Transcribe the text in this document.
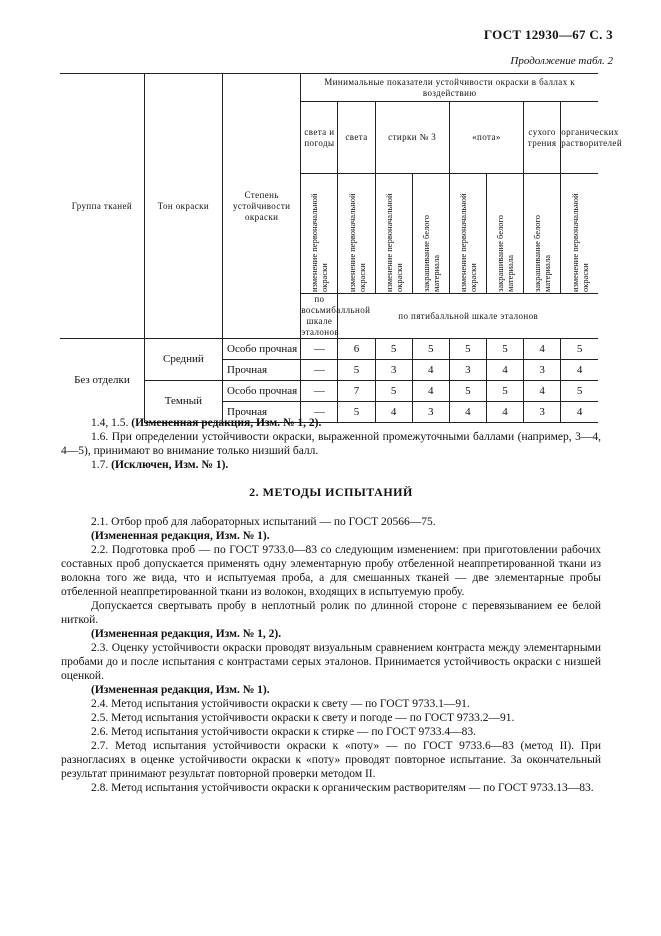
ГОСТ 12930—67 С. 3
Продолжение табл. 2
Группа тканей	Тон окраски	Степень устойчивости окраски	Минимальные показатели устойчивости окраски в баллах к воздействию							
			света и погоды	света	стирки № 3		«пота»		сухого трения	органических растворителей

			изменение первоначальной окраски	изменение первоначальной окраски	изменение первоначальной окраски	закрашивание белого материала	изменение первоначальной окраски	закрашивание белого материала	закрашивание белого материала	изменение первоначальной окраски

			по восьмибалльной шкале эталонов	по пятибалльной шкале эталонов						
Без отделки	Средний	Особо прочная	—	6	5	5	5	5	4	5
		Прочная	—	5	3	4	3	4	3	4
	Темный	Особо прочная	—	7	5	4	5	5	4	5
		Прочная	—	5	4	3	4	4	3	4

1.4, 1.5. (Измененная редакция, Изм. № 1, 2).

1.6. При определении устойчивости окраски, выраженной промежуточными баллами (например, 3—4, 4—5), принимают во внимание только низший балл.

1.7. (Исключен, Изм. № 1).

2. МЕТОДЫ ИСПЫТАНИЙ

2.1. Отбор проб для лабораторных испытаний — по ГОСТ 20566—75.

(Измененная редакция, Изм. № 1).

2.2. Подготовка проб — по ГОСТ 9733.0—83 со следующим изменением: при приготовлении рабочих составных проб допускается применять одну элементарную пробу отбеленной неаппретированной ткани из волокна того же вида, что и испытуемая проба, а для смешанных тканей — две элементарные пробы отбеленной неаппретированной ткани из волокон, входящих в испытуемую пробу.

Допускается свертывать пробу в неплотный ролик по длинной стороне с перевязыванием ее белой ниткой.

(Измененная редакция, Изм. № 1, 2).

2.3. Оценку устойчивости окраски проводят визуальным сравнением контраста между элементарными пробами до и после испытания с контрастами серых эталонов. Принимается устойчивость окраски с низшей оценкой.

(Измененная редакция, Изм. № 1).

2.4. Метод испытания устойчивости окраски к свету — по ГОСТ 9733.1—91.

2.5. Метод испытания устойчивости окраски к свету и погоде — по ГОСТ 9733.2—91.

2.6. Метод испытания устойчивости окраски к стирке — по ГОСТ 9733.4—83.

2.7. Метод испытания устойчивости окраски к «поту» — по ГОСТ 9733.6—83 (метод II). При разногласиях в оценке устойчивости окраски к «поту» проводят повторное испытание. За окончательный результат принимают результат повторной проверки методом II.

2.8. Метод испытания устойчивости окраски к органическим растворителям — по ГОСТ 9733.13—83.
